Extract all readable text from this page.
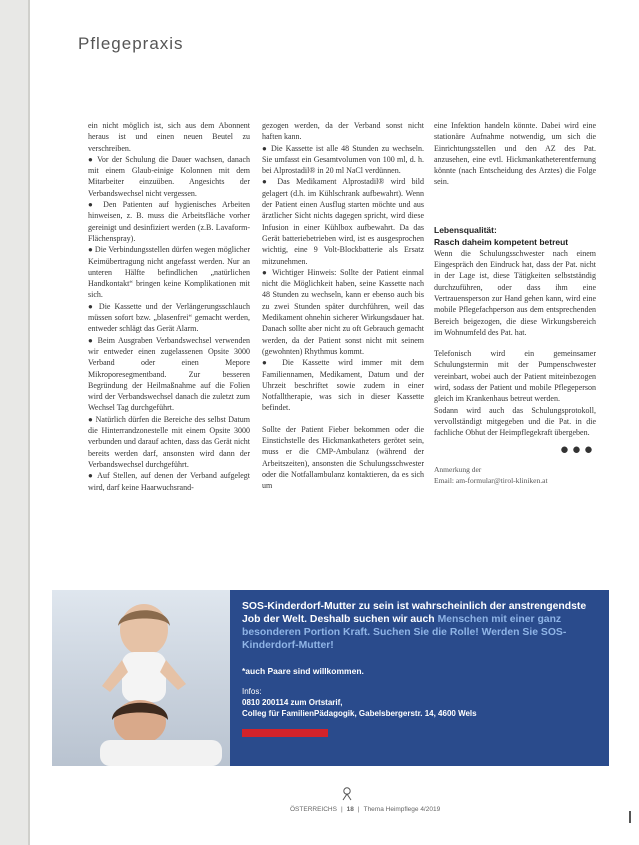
Pflegepraxis

ein nicht möglich ist, sich aus dem Abonnent heraus ist und einen neuen Beutel zu verschreiben.

● Vor der Schulung die Dauer wachsen, danach mit einem Glaub-einige Kolonnen mit dem Mitarbeiter einzuüben. Angesichts der Verbandswechsel nicht vergessen.

● Den Patienten auf hygienisches Arbeiten hinweisen, z. B. muss die Arbeitsfläche vorher gereinigt und desinfiziert werden (z.B. Lavaform-Flächenspray).

● Die Verbindungsstellen dürfen wegen möglicher Keimübertragung nicht angefasst werden. Nur an unteren Hälfte befindlichen „natürlichen Handkontakt“ bringen keine Komplikationen mit sich.

● Die Kassette und der Verlängerungsschlauch müssen sofort bzw. „blasenfrei“ gemacht werden, entweder schlägt das Gerät Alarm.

● Beim Ausgraben Verbandswechsel verwenden wir entweder einen zugelassenen Opsite 3000 Verband oder einen Mepore Mikroporesegmentband. Zur besseren Begründung der Heilmaßnahme auf die Folien wird der Verbandswechsel danach die zuletzt zum Wechsel Tag durchgeführt.

● Natürlich dürfen die Bereiche des selbst Datum die Hinterrandzonestelle mit einem Opsite 3000 verbunden und darauf achten, dass das Gerät nicht bereits werden darf, ansonsten wird dann der Verbandswechsel durchgeführt.

● Auf Stellen, auf denen der Verband aufgelegt wird, darf keine Haarwuchsrand-

gezogen werden, da der Verband sonst nicht haften kann.

● Die Kassette ist alle 48 Stunden zu wechseln. Sie umfasst ein Gesamtvolumen von 100 ml, d. h. bei Alprostadil® in 20 ml NaCl verdünnen.

● Das Medikament Alprostadil® wird bild gelagert (d.h. im Kühlschrank aufbewahrt). Wenn der Patient einen Ausflug starten möchte und aus ärztlicher Sicht nichts dagegen spricht, wird diese Infusion in einer Kühlbox aufbewahrt. Da das Gerät batteriebetrieben wird, ist es ausgesprochen wichtig, eine 9 Volt-Blockbatterie als Ersatz mitzunehmen.

● Wichtiger Hinweis: Sollte der Patient einmal nicht die Möglichkeit haben, seine Kassette nach 48 Stunden zu wechseln, kann er ebenso auch bis zu zwei Stunden später durchführen, weil das Medikament ohnehin sicherer Wirkungsdauer hat. Danach sollte aber nicht zu oft Gebrauch gemacht werden, da der Patient sonst nicht mit seinem (gewohnten) Rhythmus kommt.

● Die Kassette wird immer mit dem Familiennamen, Medikament, Datum und der Uhrzeit beschriftet sowie zudem in einer Notfalltherapie, was sich in dieser Kassette befindet.

Sollte der Patient Fieber bekommen oder die Einstichstelle des Hickmankatheters gerötet sein, muss er die CMP-Ambulanz (während der Arbeitszeiten), ansonsten die Schulungsschwester oder die Notfallambulanz kontaktieren, da es sich um

eine Infektion handeln könnte. Dabei wird eine stationäre Aufnahme notwendig, um sich die Einrichtungsstellen und den AZ des Pat. anzusehen, eine evtl. Hickmankatheterentfernung könnte (nach Entscheidung des Arztes) die Folge sein.

Lebensqualität:

Rasch daheim kompetent betreut

Wenn die Schulungsschwester nach einem Eingespräch den Eindruck hat, dass der Pat. nicht in der Lage ist, diese Tätigkeiten selbstständig durchzuführen, oder dass ihm eine Vertrauensperson zur Hand gehen kann, wird eine mobile Pflegefachperson aus dem entsprechenden Bereich beigezogen, die diese Wirkungsbereich im Wohnumfeld des Pat. hat.

Telefonisch wird ein gemeinsamer Schulungstermin mit der Pumpenschwester vereinbart, wobei auch der Patient miteinbezogen wird, sodass der Patient und mobile Pflegeperson gleich im Krankenhaus betreut werden.

Sodann wird auch das Schulungsprotokoll, vervollständigt mitgegeben und die Pat. in die fachliche Obhut der Heimpflegekraft übergeben.

●●●
Anmerkung der
Email: am-formular@tirol-kliniken.at

SOS-Kinderdorf-Mutter zu sein ist wahrscheinlich der anstrengendste Job der Welt. Deshalb suchen wir auch Menschen mit einer ganz besonderen Portion Kraft. Suchen Sie die Rolle! Werden Sie SOS-Kinderdorf-Mutter!

*auch Paare sind willkommen.

Infos:
0810 200114 zum Ortstarif,
Colleg für FamilienPädagogik, Gabelsbergerstr. 14, 4600 Wels
ÖSTERREICHS | 18 | Thema Heimpflege 4/2019
